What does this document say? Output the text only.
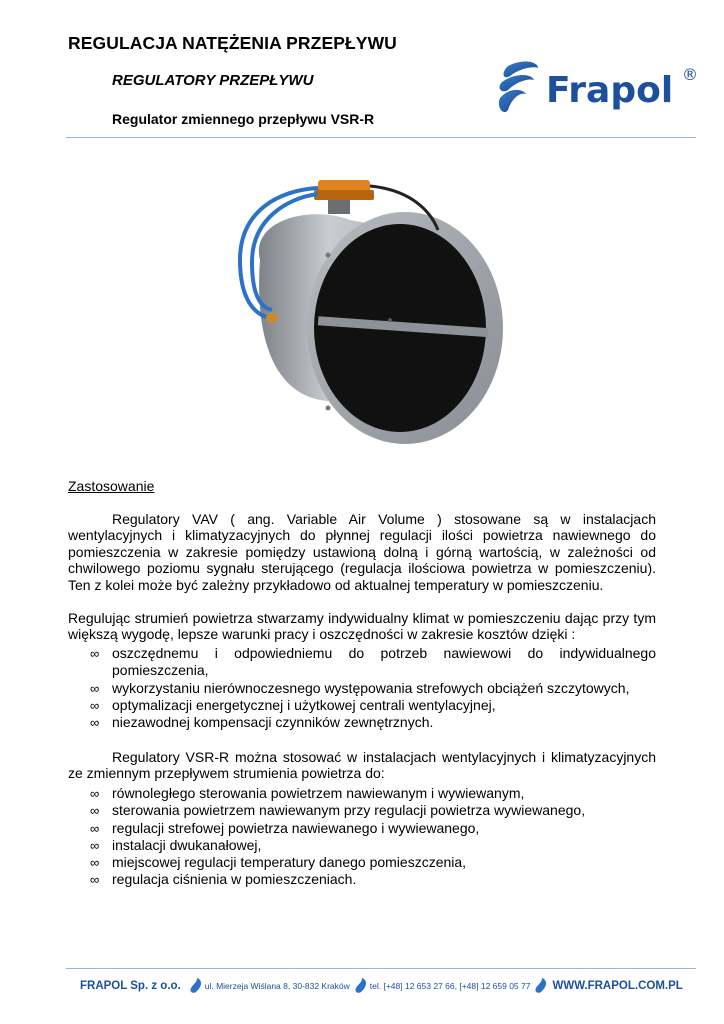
REGULACJA NATĘŻENIA PRZEPŁYWU
REGULATORY PRZEPŁYWU
Regulator zmiennego przepływu VSR-R
Frapol ®
Zastosowanie
Regulatory VAV ( ang. Variable Air Volume ) stosowane są w instalacjach wentylacyjnych i klimatyzacyjnych do płynnej regulacji ilości powietrza nawiewnego do pomieszczenia w zakresie pomiędzy ustawioną dolną i górną wartością, w zależności od chwilowego poziomu sygnału sterującego (regulacja ilościowa powietrza w pomieszczeniu). Ten z kolei może być zależny przykładowo od aktualnej temperatury w pomieszczeniu.
Regulując strumień powietrza stwarzamy indywidualny klimat w pomieszczeniu dając przy tym większą wygodę, lepsze warunki pracy i oszczędności w zakresie kosztów dzięki :
∞ oszczędnemu i odpowiedniemu do potrzeb nawiewowi do indywidualnego pomieszczenia,
∞ wykorzystaniu nierównoczesnego występowania strefowych obciążeń szczytowych,
∞ optymalizacji energetycznej i użytkowej centrali wentylacyjnej,
∞ niezawodnej kompensacji czynników zewnętrznych.
Regulatory VSR-R można stosować w instalacjach wentylacyjnych i klimatyzacyjnych ze zmiennym przepływem strumienia powietrza do:
∞ równoległego sterowania powietrzem nawiewanym i wywiewanym,
∞ sterowania powietrzem nawiewanym przy regulacji powietrza wywiewanego,
∞ regulacji strefowej powietrza nawiewanego i wywiewanego,
∞ instalacji dwukanałowej,
∞ miejscowej regulacji temperatury danego pomieszczenia,
∞ regulacja ciśnienia w pomieszczeniach.
FRAPOL Sp. z o.o.	ul. Mierzeja Wiślana 8, 30-832 Kraków tel. [+48] 12 653 27 66, [+48] 12 659 05 77 WWW.FRAPOL.COM.PL
